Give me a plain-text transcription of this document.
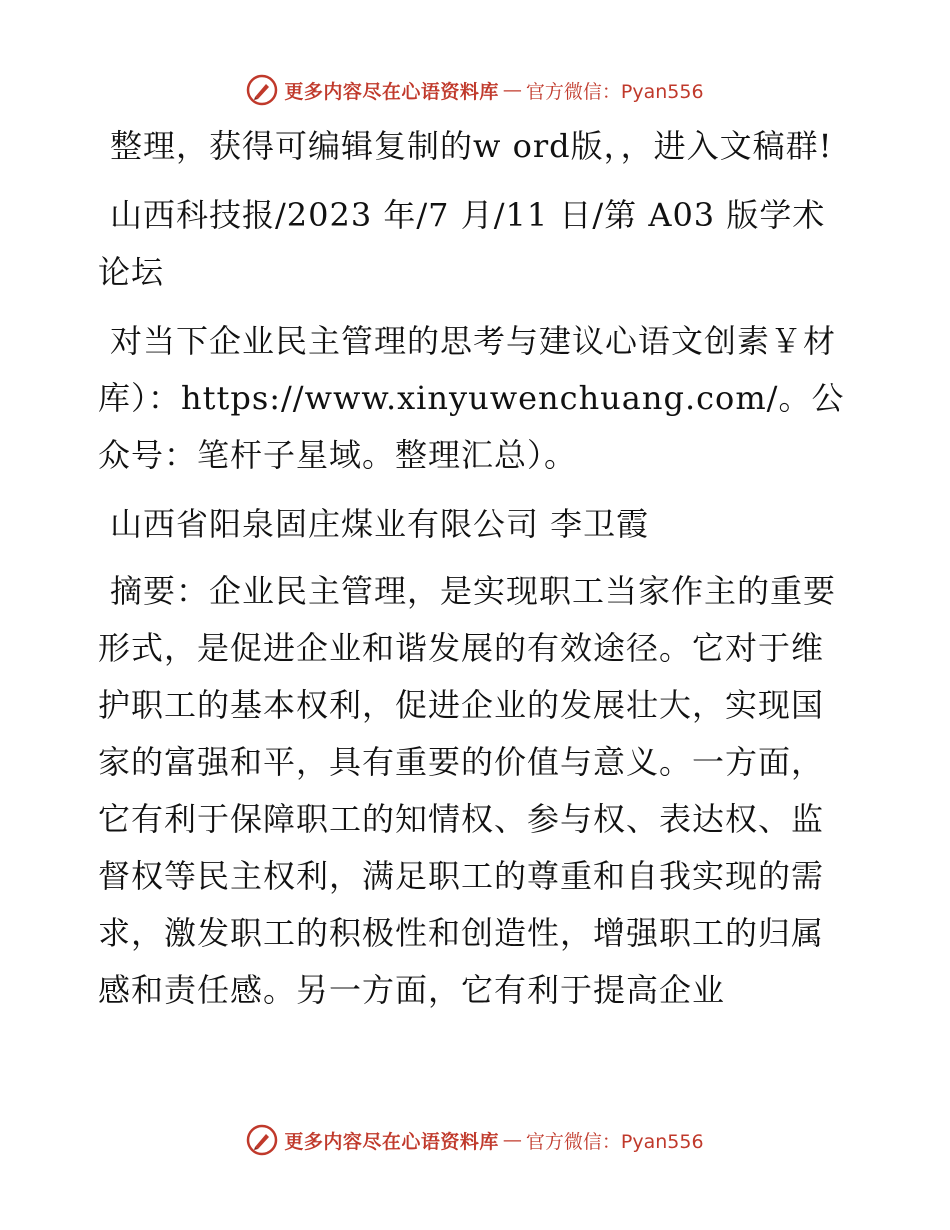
更多内容尽在心语资料库 — 官方微信：Pyan556

整理，获得可编辑复制的w ord版，，进入文稿群!

山西科技报/2023 年/7 月/11 日/第 A03 版学术论坛

对当下企业民主管理的思考与建议心语文创素￥材库）：https://www.xinyuwenchuang.com/。公众号：笔杆子星域。整理汇总）。

山西省阳泉固庄煤业有限公司 李卫霞

摘要：企业民主管理，是实现职工当家作主的重要形式，是促进企业和谐发展的有效途径。它对于维护职工的基本权利，促进企业的发展壮大，实现国家的富强和平，具有重要的价值与意义。一方面，它有利于保障职工的知情权、参与权、表达权、监督权等民主权利，满足职工的尊重和自我实现的需求，激发职工的积极性和创造性，增强职工的归属感和责任感。另一方面，它有利于提高企业

更多内容尽在心语资料库 — 官方微信：Pyan556
